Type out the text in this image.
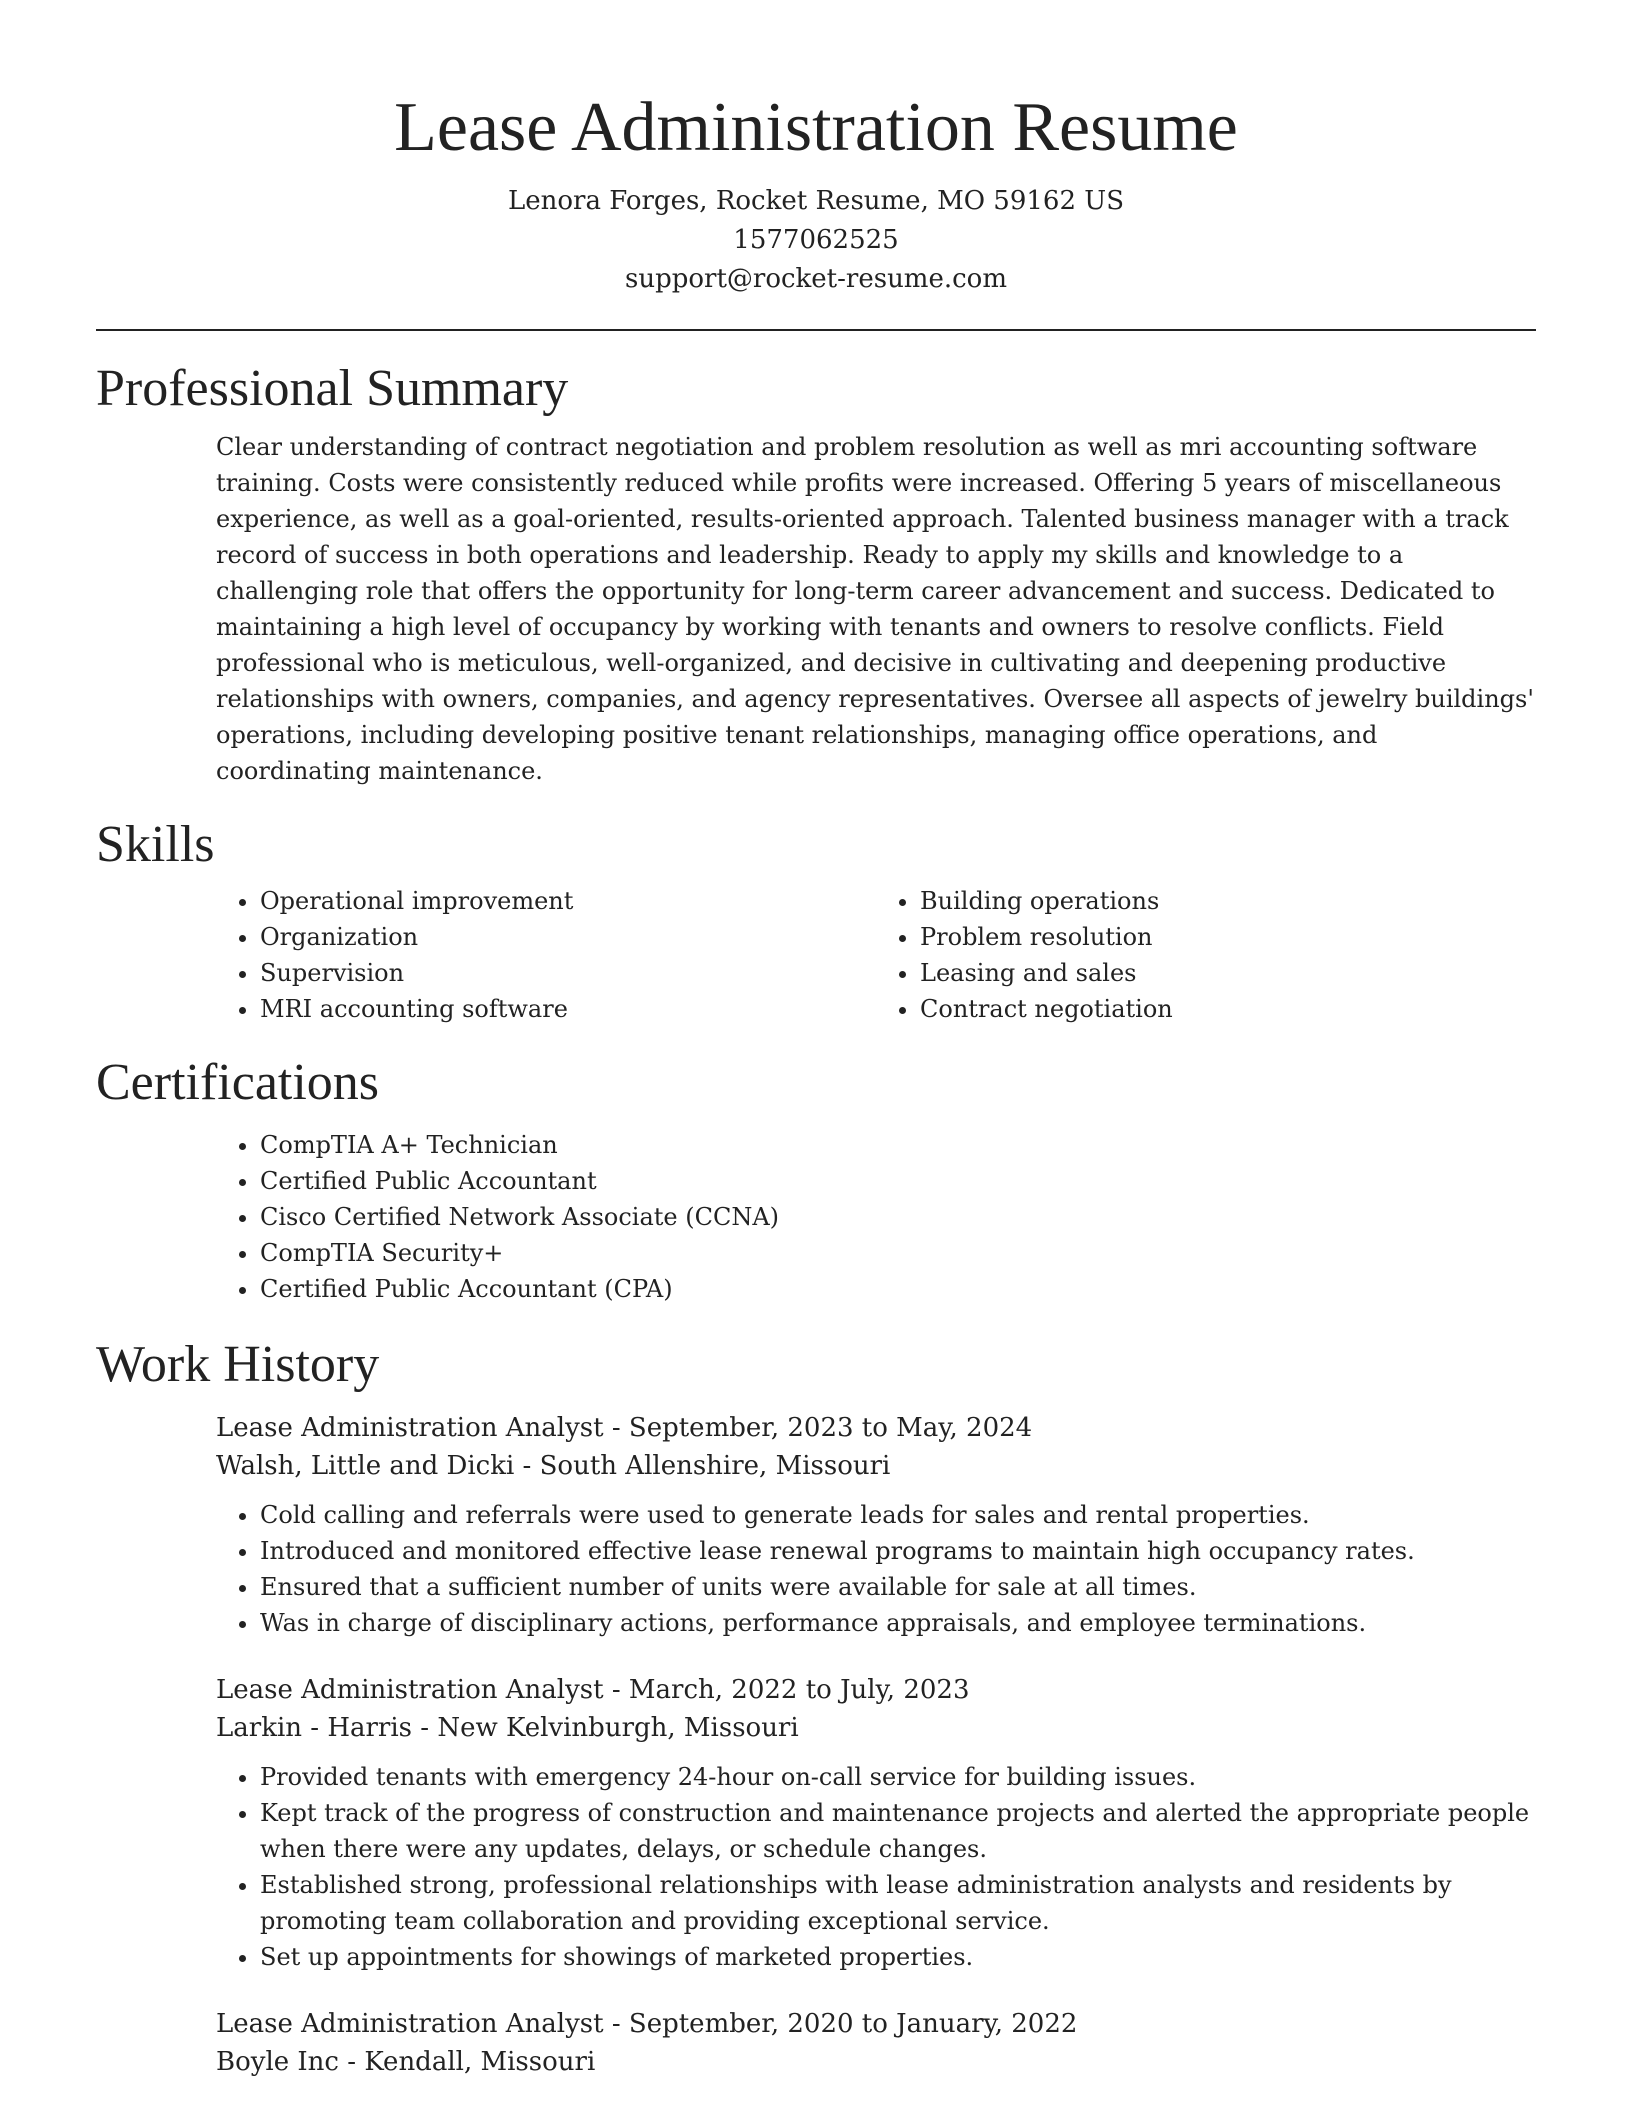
Lease Administration Resume
Lenora Forges, Rocket Resume, MO 59162 US
1577062525
support@rocket-resume.com
Professional Summary

Clear understanding of contract negotiation and problem resolution as well as mri accounting software training. Costs were consistently reduced while profits were increased. Offering 5 years of miscellaneous experience, as well as a goal-oriented, results-oriented approach. Talented business manager with a track record of success in both operations and leadership. Ready to apply my skills and knowledge to a challenging role that offers the opportunity for long-term career advancement and success. Dedicated to maintaining a high level of occupancy by working with tenants and owners to resolve conflicts. Field professional who is meticulous, well-organized, and decisive in cultivating and deepening productive relationships with owners, companies, and agency representatives. Oversee all aspects of jewelry buildings' operations, including developing positive tenant relationships, managing office operations, and coordinating maintenance.

Skills
• Operational improvement
• Organization
• Supervision
• MRI accounting software
• Building operations
• Problem resolution
• Leasing and sales
• Contract negotiation
Certifications
• CompTIA A+ Technician
• Certified Public Accountant
• Cisco Certified Network Associate (CCNA)
• CompTIA Security+
• Certified Public Accountant (CPA)
Work History
Lease Administration Analyst - September, 2023 to May, 2024
Walsh, Little and Dicki - South Allenshire, Missouri
• Cold calling and referrals were used to generate leads for sales and rental properties.
• Introduced and monitored effective lease renewal programs to maintain high occupancy rates.
• Ensured that a sufficient number of units were available for sale at all times.
• Was in charge of disciplinary actions, performance appraisals, and employee terminations.
Lease Administration Analyst - March, 2022 to July, 2023
Larkin - Harris - New Kelvinburgh, Missouri
• Provided tenants with emergency 24-hour on-call service for building issues.
• Kept track of the progress of construction and maintenance projects and alerted the appropriate people when there were any updates, delays, or schedule changes.
• Established strong, professional relationships with lease administration analysts and residents by promoting team collaboration and providing exceptional service.
• Set up appointments for showings of marketed properties.
Lease Administration Analyst - September, 2020 to January, 2022
Boyle Inc - Kendall, Missouri
